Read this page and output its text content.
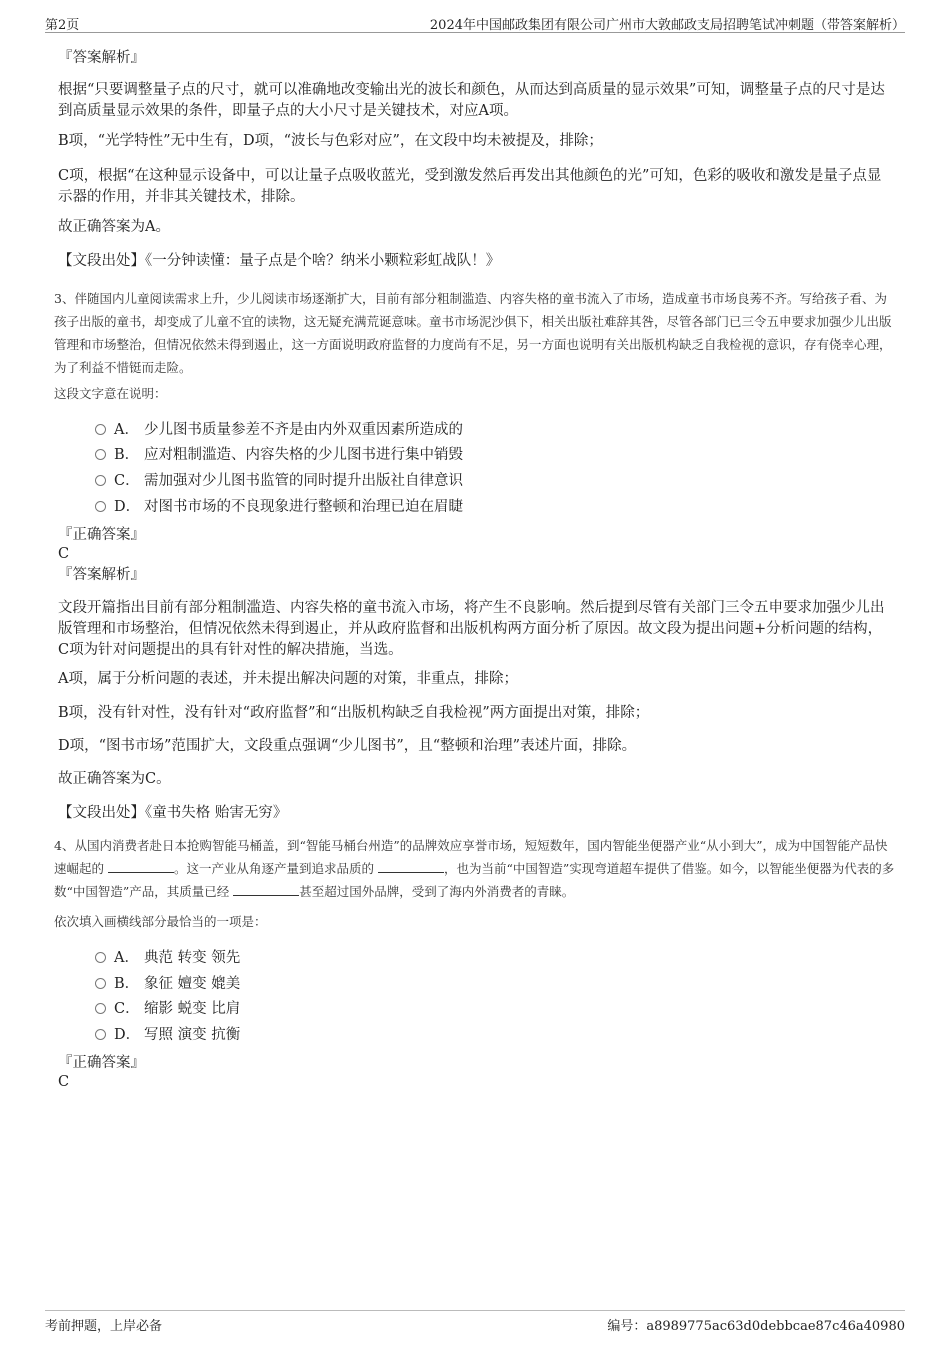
第2页	2024年中国邮政集团有限公司广州市大敦邮政支局招聘笔试冲刺题（带答案解析）
『答案解析』
根据“只要调整量子点的尺寸，就可以准确地改变输出光的波长和颜色，从而达到高质量的显示效果”可知，调整量子点的尺寸是达到高质量显示效果的条件，即量子点的大小尺寸是关键技术，对应A项。
B项，“光学特性”无中生有，D项，“波长与色彩对应”，在文段中均未被提及，排除；
C项，根据“在这种显示设备中，可以让量子点吸收蓝光，受到激发然后再发出其他颜色的光”可知，色彩的吸收和激发是量子点显示器的作用，并非其关键技术，排除。
故正确答案为A。
【文段出处】《一分钟读懂：量子点是个啥？纳米小颗粒彩虹战队！》
3、伴随国内儿童阅读需求上升，少儿阅读市场逐渐扩大，目前有部分粗制滥造、内容失格的童书流入了市场，造成童书市场良莠不齐。写给孩子看、为孩子出版的童书，却变成了儿童不宜的读物，这无疑充满荒诞意味。童书市场泥沙俱下，相关出版社难辞其咎，尽管各部门已三令五申要求加强少儿出版管理和市场整治，但情况依然未得到遏止，这一方面说明政府监督的力度尚有不足，另一方面也说明有关出版机构缺乏自我检视的意识，存有侥幸心理，为了利益不惜铤而走险。
这段文字意在说明：
A． 少儿图书质量参差不齐是由内外双重因素所造成的
B． 应对粗制滥造、内容失格的少儿图书进行集中销毁
C． 需加强对少儿图书监管的同时提升出版社自律意识
D． 对图书市场的不良现象进行整顿和治理已迫在眉睫
『正确答案』
C
『答案解析』
文段开篇指出目前有部分粗制滥造、内容失格的童书流入市场，将产生不良影响。然后提到尽管有关部门三令五申要求加强少儿出版管理和市场整治，但情况依然未得到遏止，并从政府监督和出版机构两方面分析了原因。故文段为提出问题+分析问题的结构，C项为针对问题提出的具有针对性的解决措施，当选。
A项，属于分析问题的表述，并未提出解决问题的对策，非重点，排除；
B项，没有针对性，没有针对“政府监督”和“出版机构缺乏自我检视”两方面提出对策，排除；
D项，“图书市场”范围扩大，文段重点强调“少儿图书”，且“整顿和治理”表述片面，排除。
故正确答案为C。
【文段出处】《童书失格 贻害无穷》
4、从国内消费者赴日本抢购智能马桶盖，到“智能马桶台州造”的品牌效应享誉市场，短短数年，国内智能坐便器产业“从小到大”，成为中国智能产品快速崛起的	。这一产业从角逐产量到追求品质的	，也为当前“中国智造”实现弯道超车提供了借鉴。如今，以智能坐便器为代表的多数“中国智造”产品，其质量已经	甚至超过国外品牌，受到了海内外消费者的青睐。
依次填入画横线部分最恰当的一项是：
A． 典范 转变 领先
B． 象征 嬗变 媲美
C． 缩影 蜕变 比肩
D． 写照 演变 抗衡
『正确答案』
C
考前押题，上岸必备	编号：a8989775ac63d0debbcae87c46a40980
